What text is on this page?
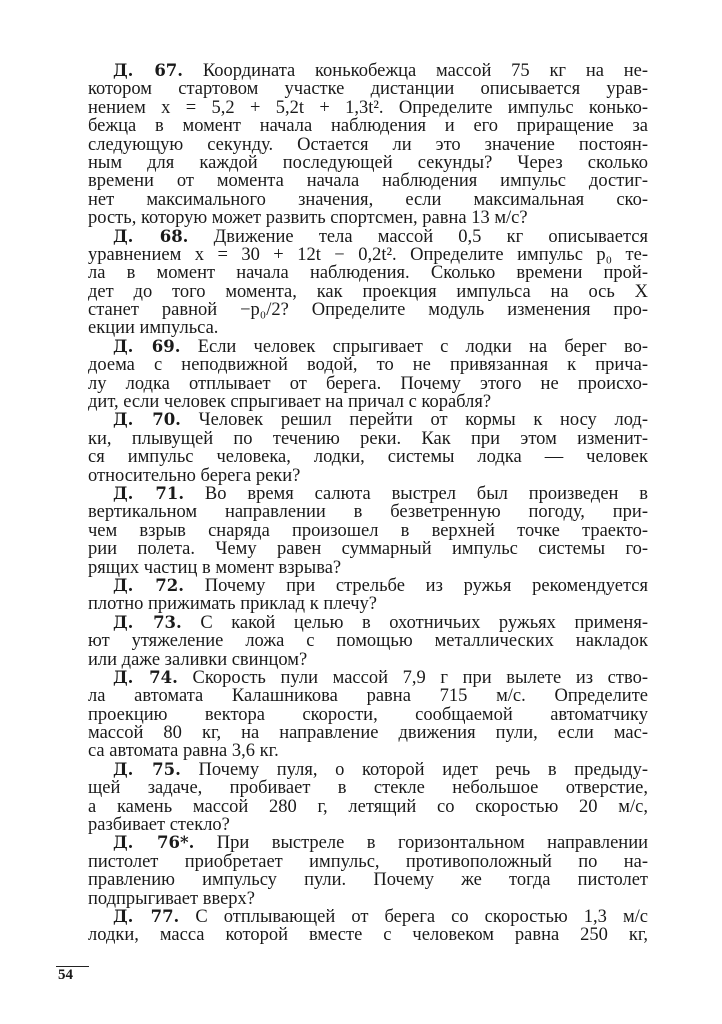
Д. 67. Координата конькобежца массой 75 кг на не-
котором стартовом участке дистанции описывается урав-
нением x = 5,2 + 5,2t + 1,3t². Определите импульс конько-
бежца в момент начала наблюдения и его приращение за
следующую секунду. Остается ли это значение постоян-
ным для каждой последующей секунды? Через сколько
времени от момента начала наблюдения импульс достиг-
нет максимального значения, если максимальная ско-
рость, которую может развить спортсмен, равна 13 м/с?
Д. 68. Движение тела массой 0,5 кг описывается
уравнением x = 30 + 12t − 0,2t². Определите импульс p₀ те-
ла в момент начала наблюдения. Сколько времени прой-
дет до того момента, как проекция импульса на ось X
станет равной −p₀/2? Определите модуль изменения про-
екции импульса.
Д. 69. Если человек спрыгивает с лодки на берег во-
доема с неподвижной водой, то не привязанная к прича-
лу лодка отплывает от берега. Почему этого не происхо-
дит, если человек спрыгивает на причал с корабля?
Д. 70. Человек решил перейти от кормы к носу лод-
ки, плывущей по течению реки. Как при этом изменит-
ся импульс человека, лодки, системы лодка — человек
относительно берега реки?
Д. 71. Во время салюта выстрел был произведен в
вертикальном направлении в безветренную погоду, при-
чем взрыв снаряда произошел в верхней точке траекто-
рии полета. Чему равен суммарный импульс системы го-
рящих частиц в момент взрыва?
Д. 72. Почему при стрельбе из ружья рекомендуется
плотно прижимать приклад к плечу?
Д. 73. С какой целью в охотничьих ружьях применя-
ют утяжеление ложа с помощью металлических накладок
или даже заливки свинцом?
Д. 74. Скорость пули массой 7,9 г при вылете из ство-
ла автомата Калашникова равна 715 м/с. Определите
проекцию вектора скорости, сообщаемой автоматчику
массой 80 кг, на направление движения пули, если мас-
са автомата равна 3,6 кг.
Д. 75. Почему пуля, о которой идет речь в предыду-
щей задаче, пробивает в стекле небольшое отверстие,
а камень массой 280 г, летящий со скоростью 20 м/с,
разбивает стекло?
Д. 76*. При выстреле в горизонтальном направлении
пистолет приобретает импульс, противоположный по на-
правлению импульсу пули. Почему же тогда пистолет
подпрыгивает вверх?
Д. 77. С отплывающей от берега со скоростью 1,3 м/с
лодки, масса которой вместе с человеком равна 250 кг,
54
